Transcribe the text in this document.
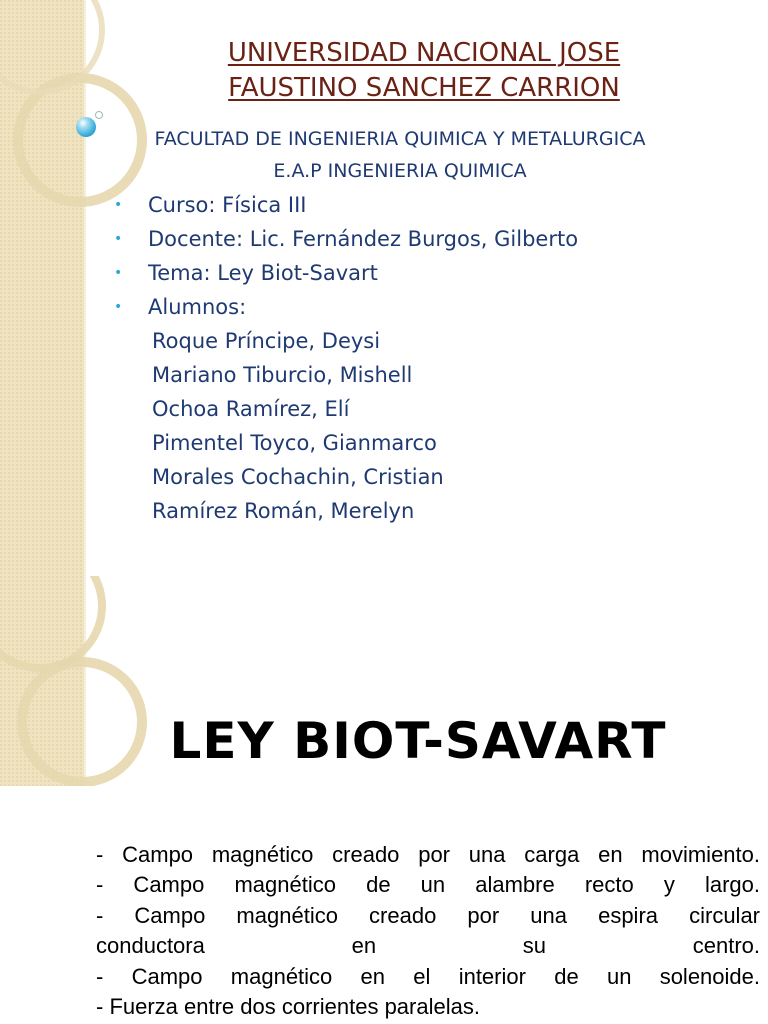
UNIVERSIDAD NACIONAL JOSE
FAUSTINO SANCHEZ CARRION
FACULTAD DE INGENIERIA QUIMICA Y METALURGICA
E.A.P INGENIERIA QUIMICA
• Curso: Física III
• Docente: Lic. Fernández Burgos, Gilberto
• Tema: Ley Biot-Savart
• Alumnos:
Roque Príncipe, Deysi
Mariano Tiburcio, Mishell
Ochoa Ramírez, Elí
Pimentel Toyco, Gianmarco
Morales Cochachin, Cristian
Ramírez Román, Merelyn
LEY BIOT-SAVART
- Campo magnético creado por una carga en movimiento.
- Campo magnético de un alambre recto y largo.
- Campo magnético creado por una espira circular
conductora en su centro.
- Campo magnético en el interior de un solenoide.
- Fuerza entre dos corrientes paralelas.
